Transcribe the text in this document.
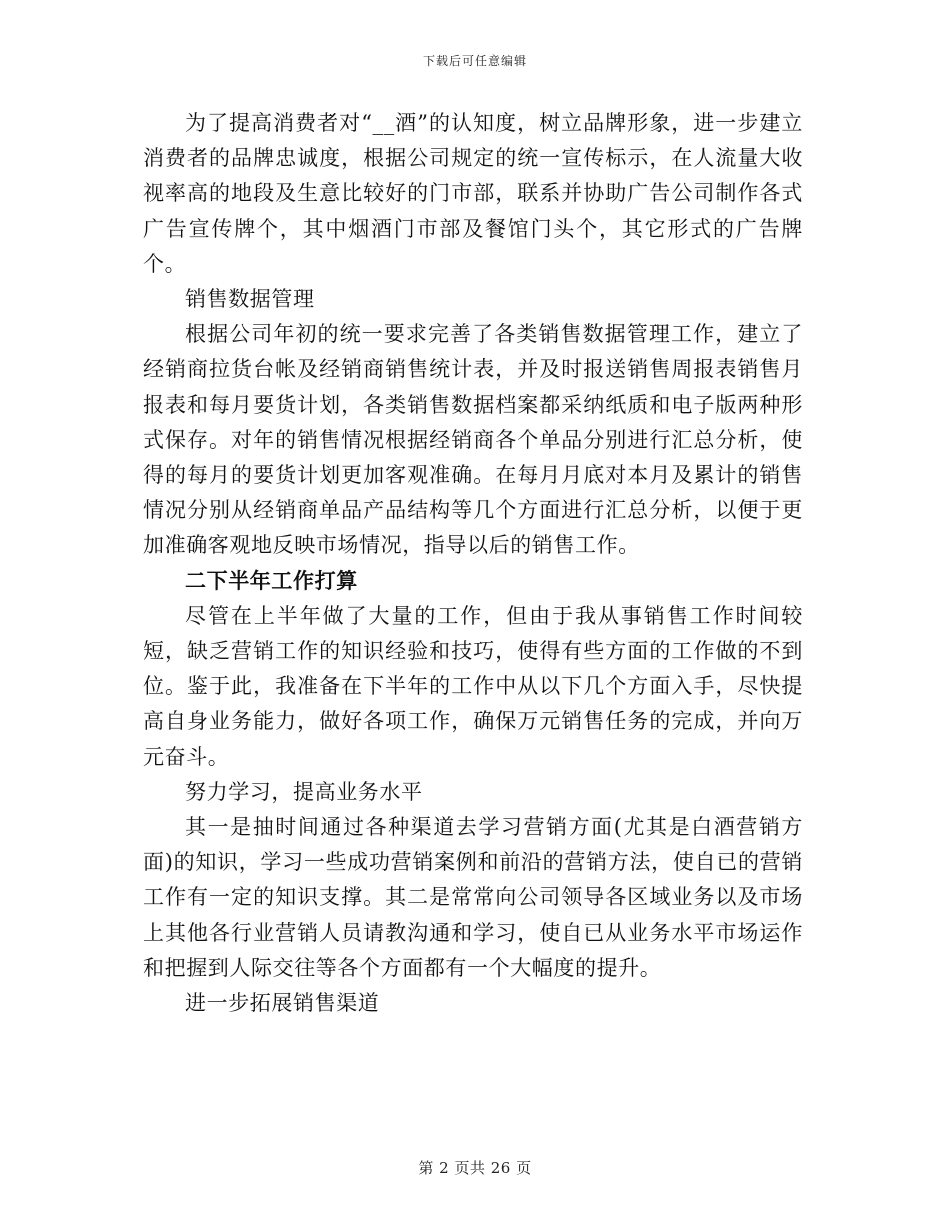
下载后可任意编辑

为了提高消费者对“__酒”的认知度，树立品牌形象，进一步建立消费者的品牌忠诚度，根据公司规定的统一宣传标示，在人流量大收视率高的地段及生意比较好的门市部，联系并协助广告公司制作各式广告宣传牌个，其中烟酒门市部及餐馆门头个，其它形式的广告牌个。

销售数据管理

根据公司年初的统一要求完善了各类销售数据管理工作，建立了经销商拉货台帐及经销商销售统计表，并及时报送销售周报表销售月报表和每月要货计划，各类销售数据档案都采纳纸质和电子版两种形式保存。对年的销售情况根据经销商各个单品分别进行汇总分析，使得的每月的要货计划更加客观准确。在每月月底对本月及累计的销售情况分别从经销商单品产品结构等几个方面进行汇总分析，以便于更加准确客观地反映市场情况，指导以后的销售工作。

二下半年工作打算

尽管在上半年做了大量的工作，但由于我从事销售工作时间较短，缺乏营销工作的知识经验和技巧，使得有些方面的工作做的不到位。鉴于此，我准备在下半年的工作中从以下几个方面入手，尽快提高自身业务能力，做好各项工作，确保万元销售任务的完成，并向万元奋斗。

努力学习，提高业务水平

其一是抽时间通过各种渠道去学习营销方面(尤其是白酒营销方面)的知识，学习一些成功营销案例和前沿的营销方法，使自已的营销工作有一定的知识支撑。其二是常常向公司领导各区域业务以及市场上其他各行业营销人员请教沟通和学习，使自已从业务水平市场运作和把握到人际交往等各个方面都有一个大幅度的提升。

进一步拓展销售渠道

第 2 页共 26 页
